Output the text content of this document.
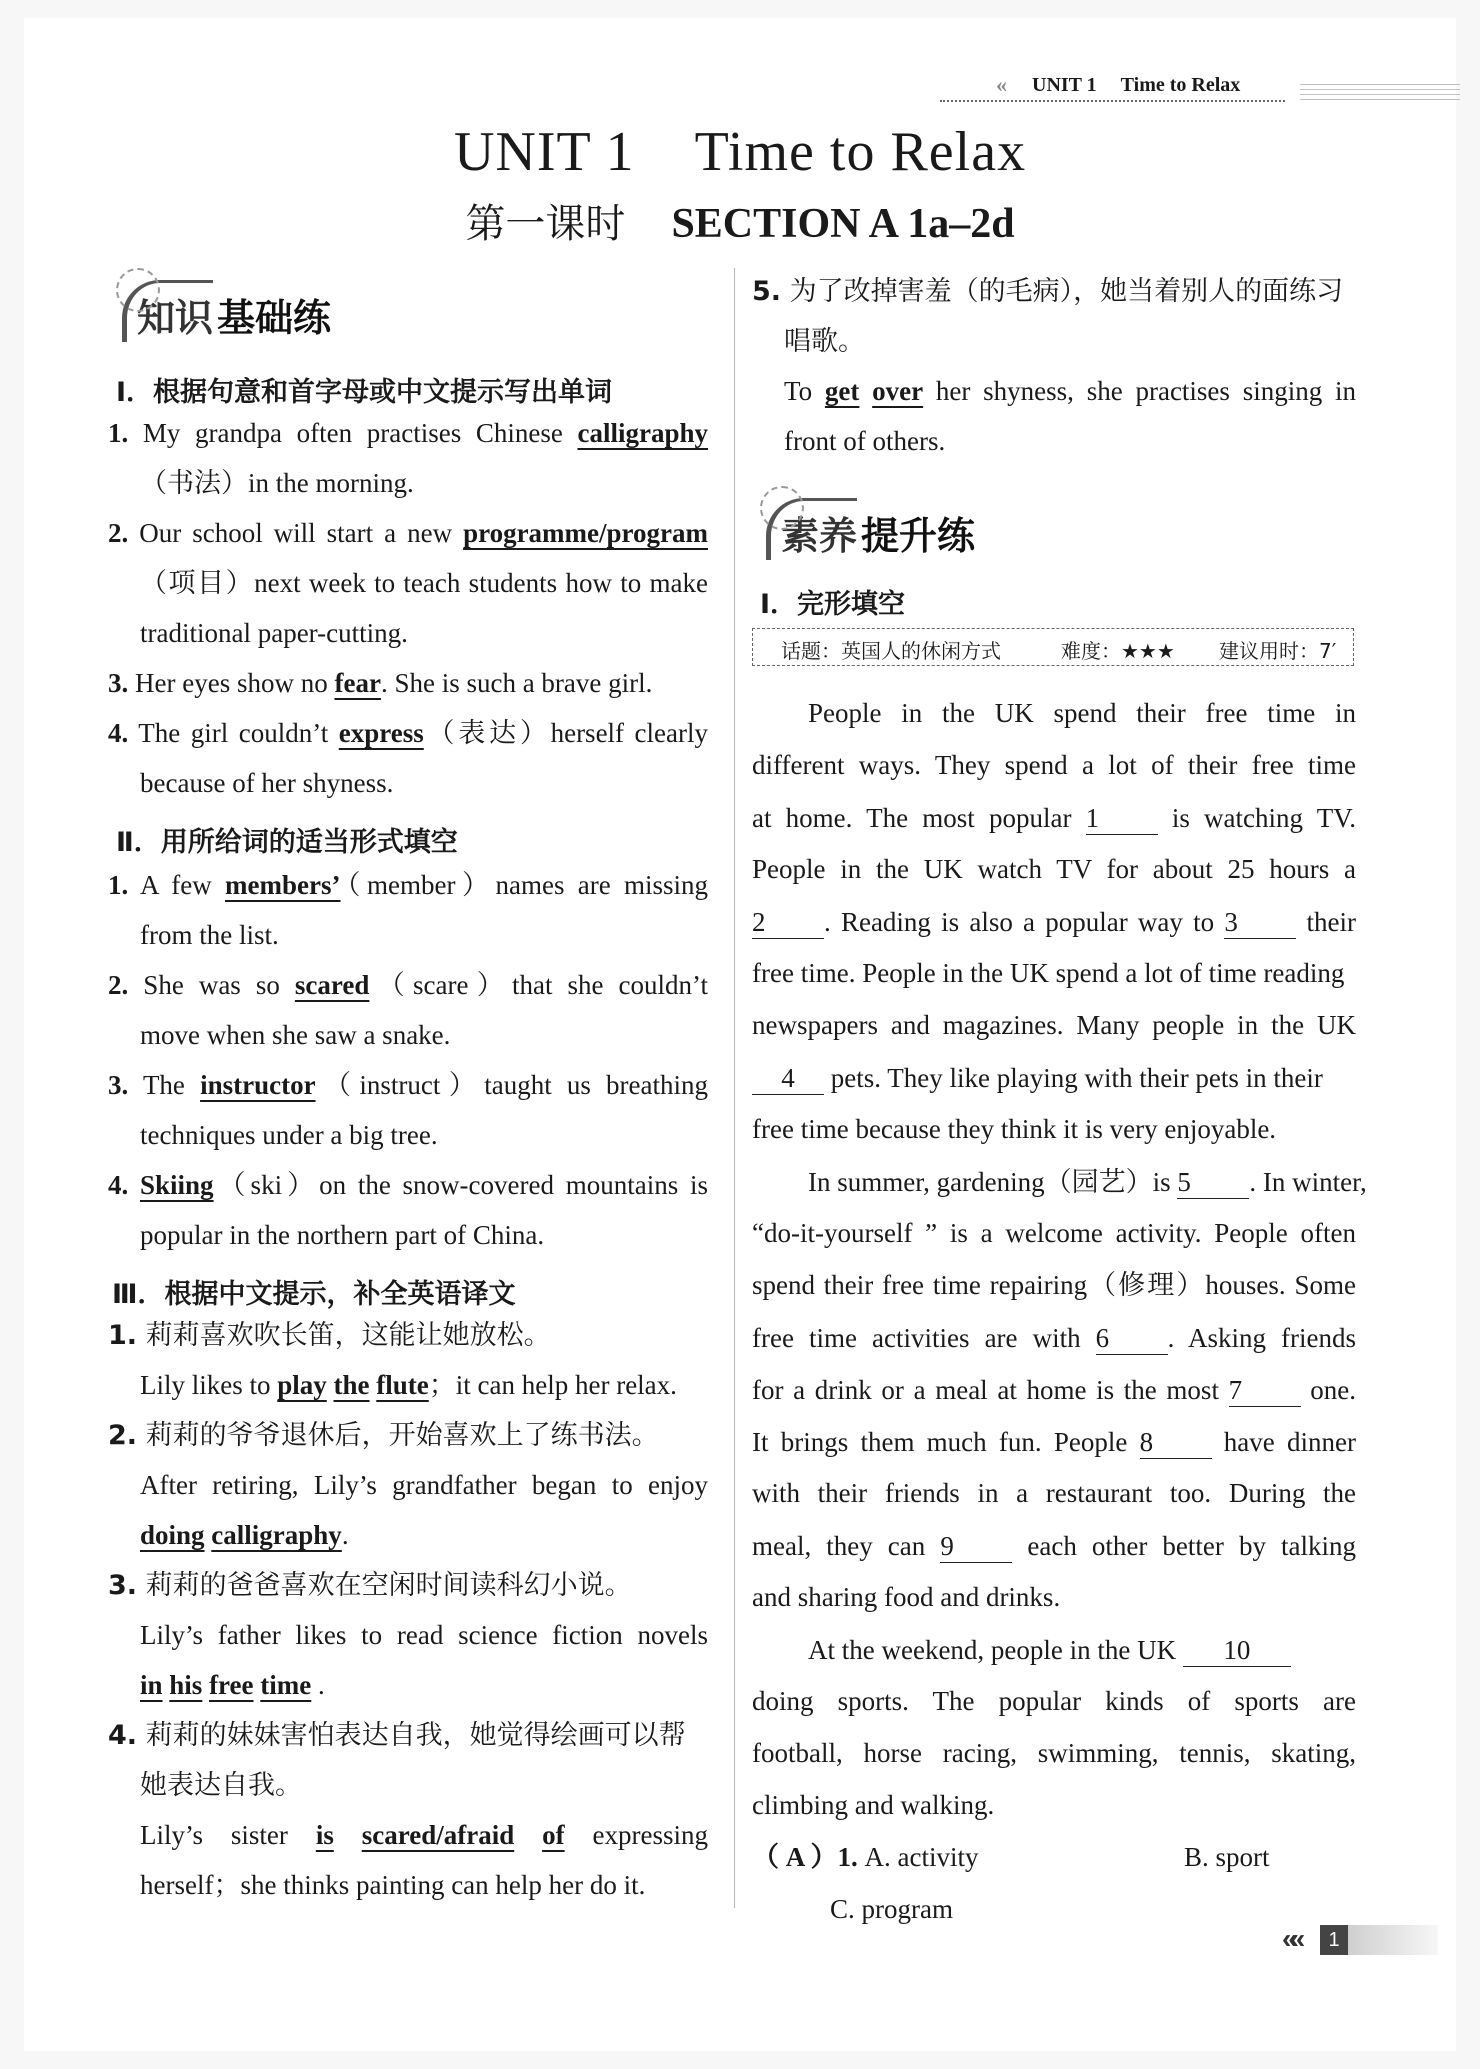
« UNIT 1 Time to Relax
UNIT 1 Time to Relax
第一课时 SECTION A 1a–2d
知识 基础练
Ⅰ．根据句意和首字母或中文提示写出单词
1. My grandpa often practises Chinese calligraphy
（书法）in the morning.
2. Our school will start a new programme/program
（项目）next week to teach students how to make
traditional paper-cutting.
3. Her eyes show no fear. She is such a brave girl.
4. The girl couldn’t express（表达）herself clearly
because of her shyness.
Ⅱ．用所给词的适当形式填空
1. A few members’（member）names are missing
from the list.
2. She was so scared（scare）that she couldn’t
move when she saw a snake.
3. The instructor（instruct）taught us breathing
techniques under a big tree.
4. Skiing（ski）on the snow-covered mountains is
popular in the northern part of China.
Ⅲ．根据中文提示，补全英语译文
1. 莉莉喜欢吹长笛，这能让她放松。
Lily likes to play the flute；it can help her relax.
2. 莉莉的爷爷退休后，开始喜欢上了练书法。
After retiring, Lily’s grandfather began to enjoy
doing calligraphy.
3. 莉莉的爸爸喜欢在空闲时间读科幻小说。
Lily’s father likes to read science fiction novels
in his free time .
4. 莉莉的妹妹害怕表达自我，她觉得绘画可以帮
她表达自我。
Lily’s sister is scared/afraid of expressing
herself；she thinks painting can help her do it.
5. 为了改掉害羞（的毛病），她当着别人的面练习
唱歌。
To get over her shyness, she practises singing in
front of others.
素养 提升练
Ⅰ．完形填空
话题：英国人的休闲方式	难度：★★★ 建议用时：7′
People in the UK spend their free time in
different ways. They spend a lot of their free time
at home. The most popular 1 is watching TV.
People in the UK watch TV for about 25 hours a
2 . Reading is also a popular way to 3 their
free time. People in the UK spend a lot of time reading
newspapers and magazines. Many people in the UK
4 pets. They like playing with their pets in their
free time because they think it is very enjoyable.
In summer, gardening（园艺）is 5 . In winter,
“do-it-yourself ” is a welcome activity. People often
spend their free time repairing（修理）houses. Some
free time activities are with 6 . Asking friends
for a drink or a meal at home is the most 7 one.
It brings them much fun. People 8 have dinner
with their friends in a restaurant too. During the
meal, they can 9 each other better by talking
and sharing food and drinks.
At the weekend, people in the UK 10
doing sports. The popular kinds of sports are
football, horse racing, swimming, tennis, skating,
climbing and walking.
（ A ）1. A. activity	B. sport
C. program
««	1
